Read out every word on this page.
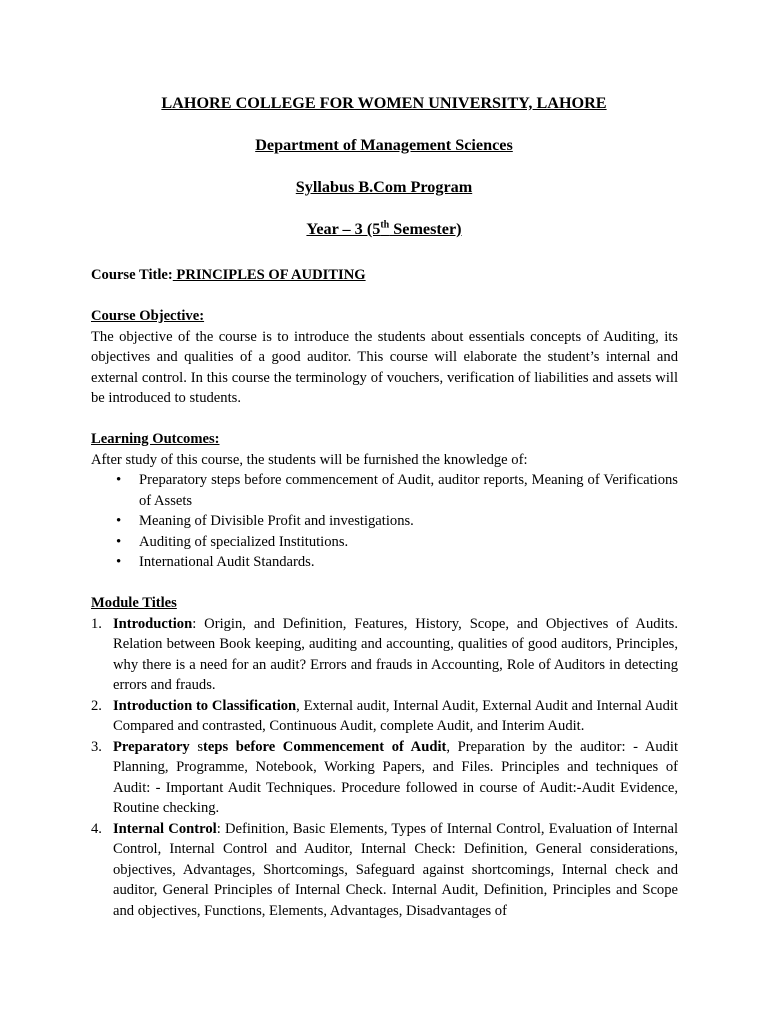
LAHORE COLLEGE FOR WOMEN UNIVERSITY, LAHORE
Department of Management Sciences
Syllabus B.Com Program
Year – 3 (5th Semester)
Course Title: PRINCIPLES OF AUDITING
Course Objective:
The objective of the course is to introduce the students about essentials concepts of Auditing, its objectives and qualities of a good auditor. This course will elaborate the student’s internal and external control. In this course the terminology of vouchers, verification of liabilities and assets will be introduced to students.
Learning Outcomes:
After study of this course, the students will be furnished the knowledge of:
• Preparatory steps before commencement of Audit, auditor reports, Meaning of Verifications of Assets
• Meaning of Divisible Profit and investigations.
• Auditing of specialized Institutions.
• International Audit Standards.
Module Titles
1. Introduction: Origin, and Definition, Features, History, Scope, and Objectives of Audits. Relation between Book keeping, auditing and accounting, qualities of good auditors, Principles, why there is a need for an audit? Errors and frauds in Accounting, Role of Auditors in detecting errors and frauds.
2. Introduction to Classification, External audit, Internal Audit, External Audit and Internal Audit Compared and contrasted, Continuous Audit, complete Audit, and Interim Audit.
3. Preparatory steps before Commencement of Audit, Preparation by the auditor: - Audit Planning, Programme, Notebook, Working Papers, and Files. Principles and techniques of Audit: - Important Audit Techniques. Procedure followed in course of Audit:-Audit Evidence, Routine checking.
4. Internal Control: Definition, Basic Elements, Types of Internal Control, Evaluation of Internal Control, Internal Control and Auditor, Internal Check: Definition, General considerations, objectives, Advantages, Shortcomings, Safeguard against shortcomings, Internal check and auditor, General Principles of Internal Check. Internal Audit, Definition, Principles and Scope and objectives, Functions, Elements, Advantages, Disadvantages of
